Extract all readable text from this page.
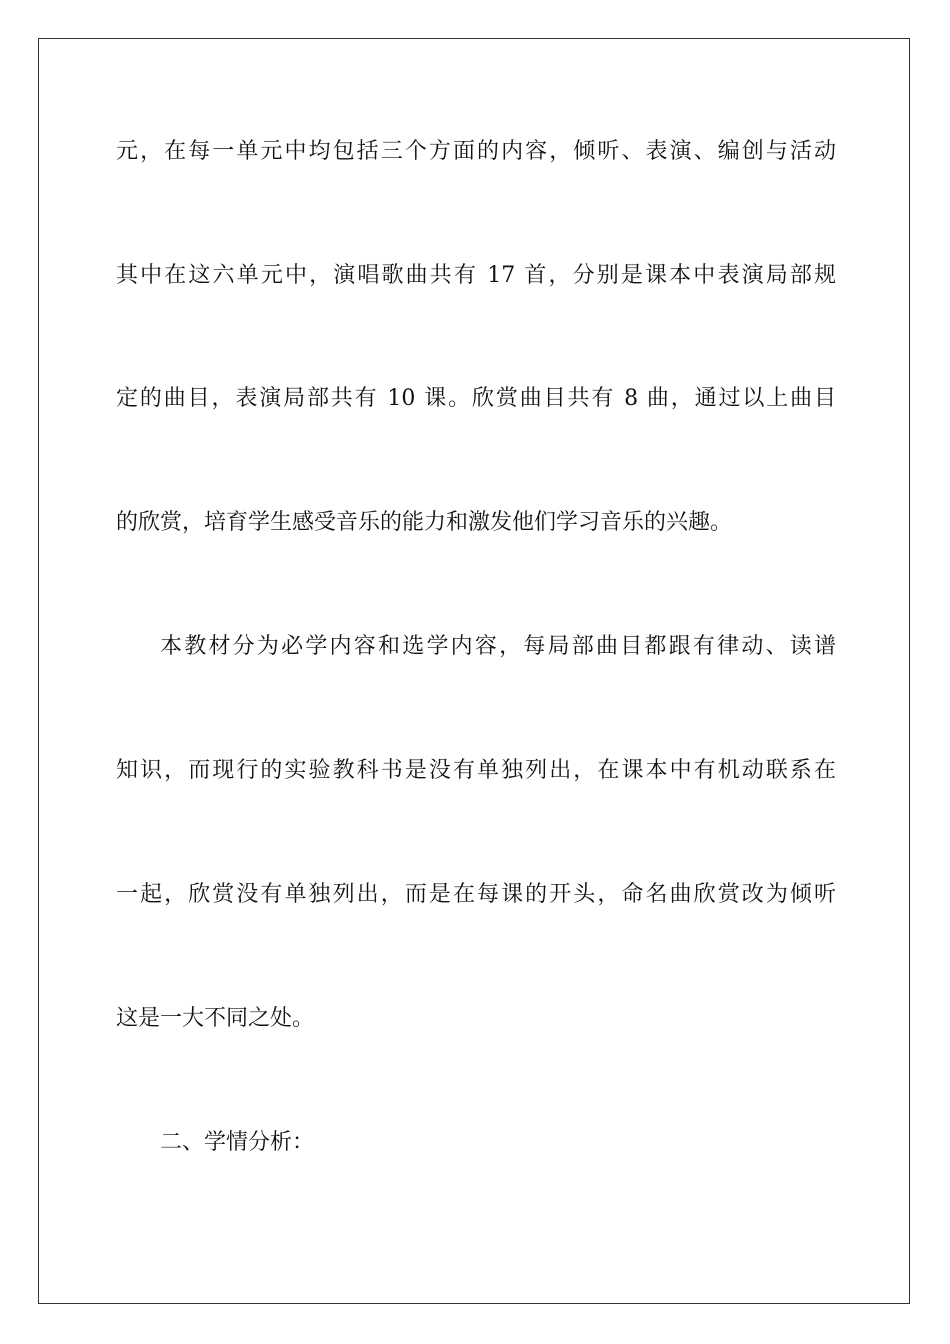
元，在每一单元中均包括三个方面的内容，倾听、表演、编创与活动
其中在这六单元中，演唱歌曲共有 17 首，分别是课本中表演局部规
定的曲目，表演局部共有 10 课。欣赏曲目共有 8 曲，通过以上曲目
的欣赏，培育学生感受音乐的能力和激发他们学习音乐的兴趣。
本教材分为必学内容和选学内容，每局部曲目都跟有律动、读谱
知识，而现行的实验教科书是没有单独列出，在课本中有机动联系在
一起，欣赏没有单独列出，而是在每课的开头，命名曲欣赏改为倾听
这是一大不同之处。
二、学情分析：
